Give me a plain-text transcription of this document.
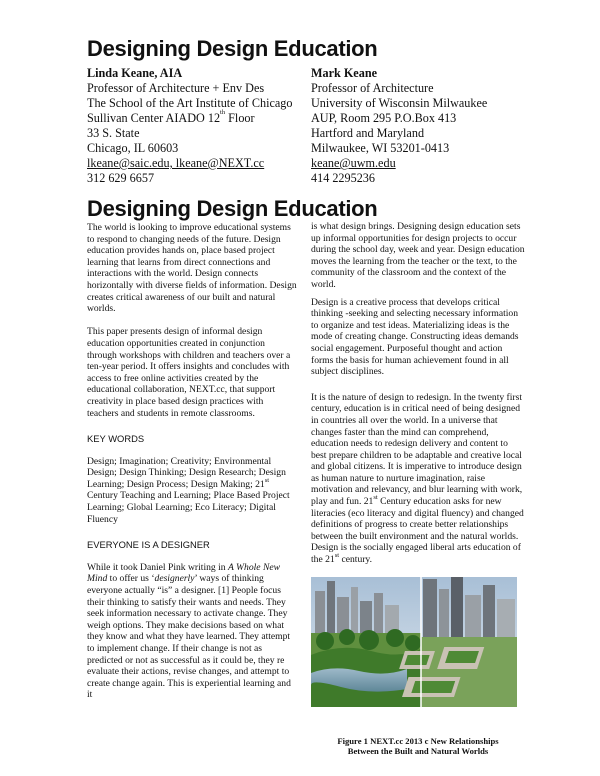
Designing Design Education
Linda Keane, AIA
Professor of Architecture + Env Des
The School of the Art Institute of Chicago
Sullivan Center AIADO 12th Floor
33 S. State
Chicago, IL 60603
lkeane@saic.edu, lkeane@NEXT.cc
312 629 6657
Mark Keane
Professor of Architecture
University of Wisconsin Milwaukee
AUP, Room 295 P.O.Box 413
Hartford and Maryland
Milwaukee, WI 53201-0413
keane@uwm.edu
414 2295236
Designing Design Education

The world is looking to improve educational systems to respond to changing needs of the future. Design education provides hands on, place based project learning that learns from direct connections and interactions with the world. Design connects horizontally with diverse fields of information. Design creates critical awareness of our built and natural worlds.

This paper presents design of informal design education opportunities created in conjunction through workshops with children and teachers over a ten-year period. It offers insights and concludes with access to free online activities created by the educational collaboration, NEXT.cc, that support creativity in place based design practices with teachers and students in remote classrooms.

KEY WORDS

Design; Imagination; Creativity; Environmental Design; Design Thinking; Design Research; Design Learning; Design Process; Design Making; 21st Century Teaching and Learning; Place Based Project Learning; Global Learning; Eco Literacy; Digital Fluency

EVERYONE IS A DESIGNER

While it took Daniel Pink writing in A Whole New Mind to offer us ‘designerly’ ways of thinking everyone actually “is” a designer. [1] People focus their thinking to satisfy their wants and needs. They seek information necessary to activate change. They weigh options. They make decisions based on what they know and what they have learned. They attempt to implement change. If their change is not as predicted or not as successful as it could be, they re evaluate their actions, revise changes, and attempt to create change again. This is experiential learning and it

is what design brings. Designing design education sets up informal opportunities for design projects to occur during the school day, week and year. Design education moves the learning from the teacher or the text, to the community of the classroom and the context of the world.

Design is a creative process that develops critical thinking -seeking and selecting necessary information to organize and test ideas. Materializing ideas is the mode of creating change. Constructing ideas demands social engagement. Purposeful thought and action forms the basis for human achievement found in all subject disciplines.

It is the nature of design to redesign. In the twenty first century, education is in critical need of being designed in countries all over the world. In a universe that changes faster than the mind can comprehend, education needs to redesign delivery and content to best prepare children to be adaptable and creative local and global citizens. It is imperative to introduce design as human nature to nurture imagination, raise motivation and relevancy, and blur learning with work, play and fun. 21st Century education asks for new literacies (eco literacy and digital fluency) and changed definitions of progress to create better relationships between the built environment and the natural worlds. Design is the socially engaged liberal arts education of the 21st century.

Figure 1 NEXT.cc 2013 c New Relationships
Between the Built and Natural Worlds
